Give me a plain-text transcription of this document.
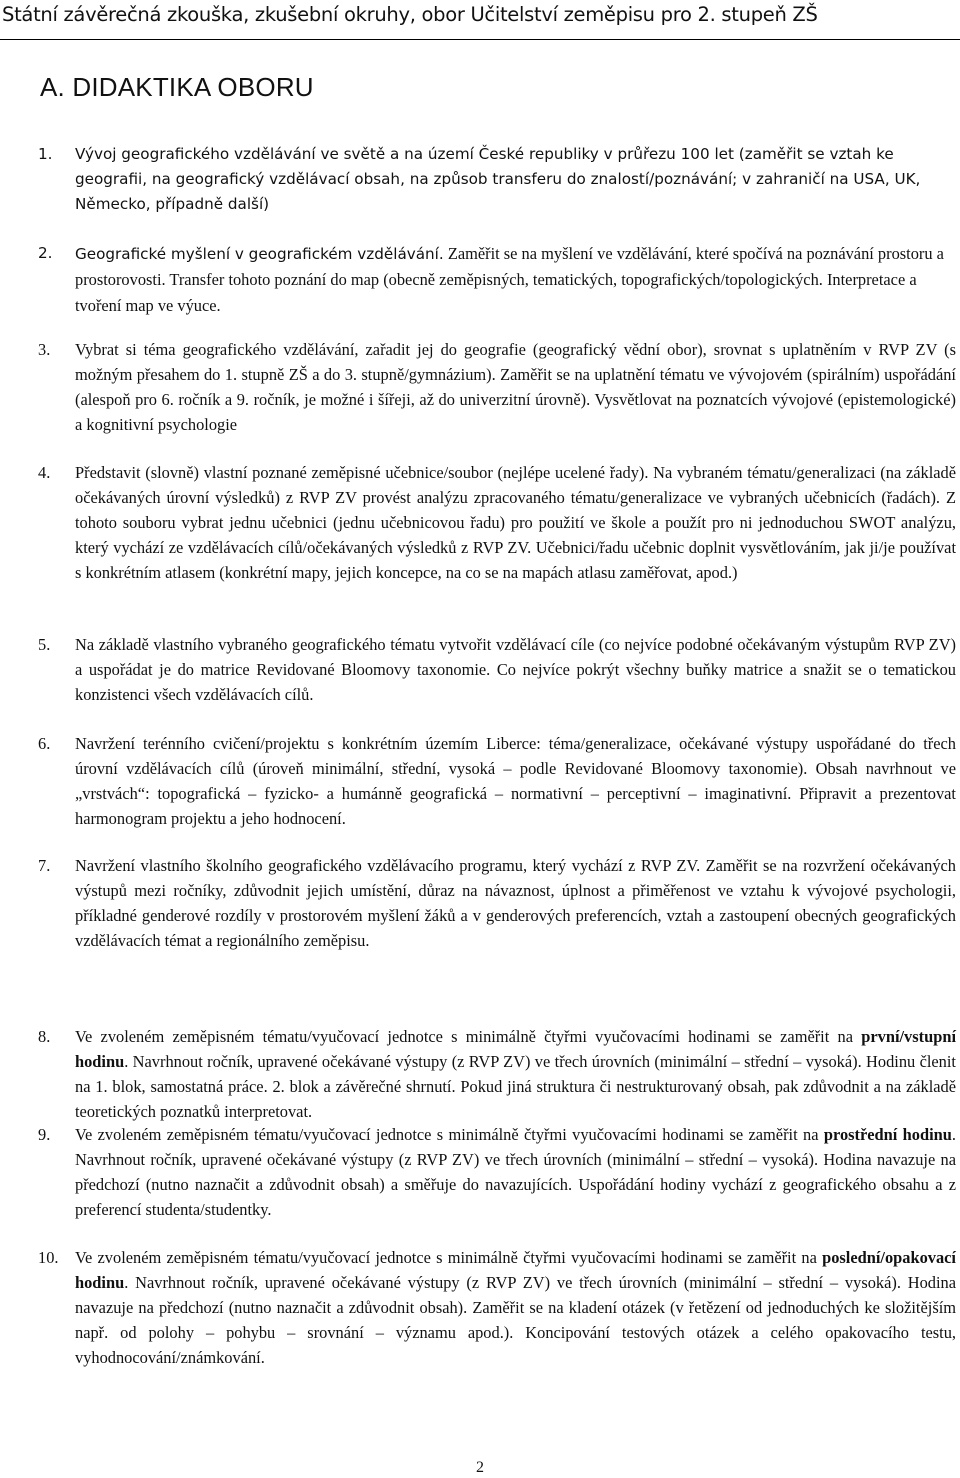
Státní závěrečná zkouška, zkušební okruhy, obor Učitelství zeměpisu pro 2. stupeň ZŠ
A. DIDAKTIKA OBORU
1.	Vývoj geografického vzdělávání ve světě a na území České republiky v průřezu 100 let (zaměřit se vztah ke geografii, na geografický vzdělávací obsah, na způsob transferu do znalostí/poznávání; v zahraničí na USA, UK, Německo, případně další)
2.	Geografické myšlení v geografickém vzdělávání. Zaměřit se na myšlení ve vzdělávání, které spočívá na poznávání prostoru a prostorovosti. Transfer tohoto poznání do map (obecně zeměpisných, tematických, topografických/topologických. Interpretace a tvoření map ve výuce.
3.	Vybrat si téma geografického vzdělávání, zařadit jej do geografie (geografický vědní obor), srovnat s uplatněním v RVP ZV (s možným přesahem do 1. stupně ZŠ a do 3. stupně/gymnázium). Zaměřit se na uplatnění tématu ve vývojovém (spirálním) uspořádání (alespoň pro 6. ročník a 9. ročník, je možné i šířeji, až do univerzitní úrovně). Vysvětlovat na poznatcích vývojové (epistemologické) a kognitivní psychologie
4.	Představit (slovně) vlastní poznané zeměpisné učebnice/soubor (nejlépe ucelené řady). Na vybraném tématu/generalizaci (na základě očekávaných úrovní výsledků) z RVP ZV provést analýzu zpracovaného tématu/generalizace ve vybraných učebnicích (řadách). Z tohoto souboru vybrat jednu učebnici (jednu učebnicovou řadu) pro použití ve škole a použít pro ni jednoduchou SWOT analýzu, který vychází ze vzdělávacích cílů/očekávaných výsledků z RVP ZV. Učebnici/řadu učebnic doplnit vysvětlováním, jak ji/je používat s konkrétním atlasem (konkrétní mapy, jejich koncepce, na co se na mapách atlasu zaměřovat, apod.)
5.	Na základě vlastního vybraného geografického tématu vytvořit vzdělávací cíle (co nejvíce podobné očekávaným výstupům RVP ZV) a uspořádat je do matrice Revidované Bloomovy taxonomie. Co nejvíce pokrýt všechny buňky matrice a snažit se o tematickou konzistenci všech vzdělávacích cílů.
6.	Navržení terénního cvičení/projektu s konkrétním územím Liberce: téma/generalizace, očekávané výstupy uspořádané do třech úrovní vzdělávacích cílů (úroveň minimální, střední, vysoká – podle Revidované Bloomovy taxonomie). Obsah navrhnout ve „vrstvách“: topografická – fyzicko- a humánně geografická – normativní – perceptivní – imaginativní. Připravit a prezentovat harmonogram projektu a jeho hodnocení.
7.	Navržení vlastního školního geografického vzdělávacího programu, který vychází z RVP ZV. Zaměřit se na rozvržení očekávaných výstupů mezi ročníky, zdůvodnit jejich umístění, důraz na návaznost, úplnost a přiměřenost ve vztahu k vývojové psychologii, příkladné genderové rozdíly v prostorovém myšlení žáků a v genderových preferencích, vztah a zastoupení obecných geografických vzdělávacích témat a regionálního zeměpisu.
8.	Ve zvoleném zeměpisném tématu/vyučovací jednotce s minimálně čtyřmi vyučovacími hodinami se zaměřit na první/vstupní hodinu. Navrhnout ročník, upravené očekávané výstupy (z RVP ZV) ve třech úrovních (minimální – střední – vysoká). Hodinu členit na 1. blok, samostatná práce. 2. blok a závěrečné shrnutí. Pokud jiná struktura či nestrukturovaný obsah, pak zdůvodnit a na základě teoretických poznatků interpretovat.
9.	Ve zvoleném zeměpisném tématu/vyučovací jednotce s minimálně čtyřmi vyučovacími hodinami se zaměřit na prostřední hodinu. Navrhnout ročník, upravené očekávané výstupy (z RVP ZV) ve třech úrovních (minimální – střední – vysoká). Hodina navazuje na předchozí (nutno naznačit a zdůvodnit obsah) a směřuje do navazujících. Uspořádání hodiny vychází z geografického obsahu a z preferencí studenta/studentky.
10.	Ve zvoleném zeměpisném tématu/vyučovací jednotce s minimálně čtyřmi vyučovacími hodinami se zaměřit na poslední/opakovací hodinu. Navrhnout ročník, upravené očekávané výstupy (z RVP ZV) ve třech úrovních (minimální – střední – vysoká). Hodina navazuje na předchozí (nutno naznačit a zdůvodnit obsah). Zaměřit se na kladení otázek (v řetězení od jednoduchých ke složitějším např. od polohy – pohybu – srovnání – významu apod.). Koncipování testových otázek a celého opakovacího testu, vyhodnocování/známkování.
2
